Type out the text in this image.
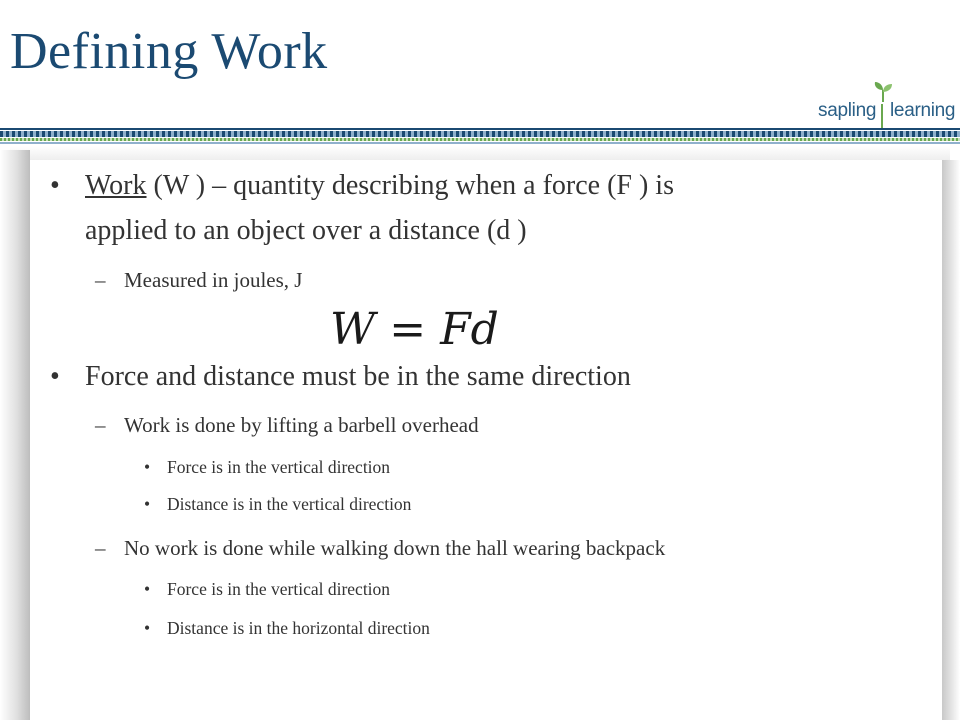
Defining Work
sapling learning
• Work (W ) – quantity describing when a force (F ) is
applied to an object over a distance (d )
– Measured in joules, J
W = Fd
• Force and distance must be in the same direction
– Work is done by lifting a barbell overhead
• Force is in the vertical direction
• Distance is in the vertical direction
– No work is done while walking down the hall wearing backpack
• Force is in the vertical direction
• Distance is in the horizontal direction
